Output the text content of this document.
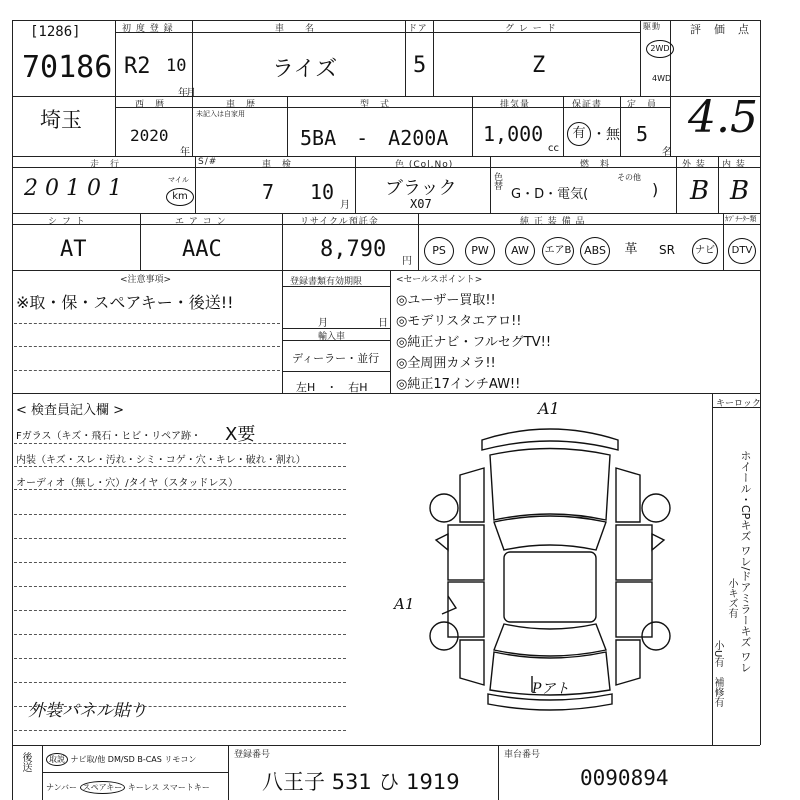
[1286]
70186
初 度 登 録
R2 10
年
月
車　　名
ライズ
ドア
5
グ レ ー ド
Z
駆動
2WD
4WD
評　価　点
4.5
埼玉
西　暦
2020
年
車　歴
未記入は自家用
型　式
5BA　-　A200A
排気量
1,000
cc
保証書
有 ・無
定　員
5
名
走　行	S/#
2 0 1 0 1	マイル
km
車　検
7 10
月
色 (Col.No)
ブラック
X07
色替
燃　料
G・D・電気(
その他
)
外 装
B
内 装
B
シ フ ト
AT
エ ア コ ン
AAC
リサイクル預託金
8,790 円
純 正 装 備 品	ｶﾌﾟﾁｰﾀｰ類
PS	PW	AW	エアB	ABS	革	SR	ナビ	DTV
<注意事項>
※取・保・スペアキー・後送!!
登録書類有効期限
月	日
輸入車
ディーラー・並行
左H　・　右H
<セールスポイント>
◎ユーザー買取!!
◎モデリスタエアロ!!
◎純正ナビ・フルセグTV!!
◎全周囲カメラ!!
◎純正17インチAW!!
< 検査員記入欄 >
Fガラス（キズ・飛石・ヒビ・リペア跡・ X要
内装（キズ・スレ・汚れ・シミ・コゲ・穴・キレ・破れ・割れ）
オーディオ（無し・穴）/タイヤ（スタッドレス）
外装パネル貼り
A1
A1
Pアト
キーロック
ホイール・CPキズ ワレ/ドアミラーキズ ワレ
小キズ有
小U有　補修有
後送	取説 ナビ取/他 DM/SD B-CAS リモコン
ナンバー スペアキー キーレス スマートキー
登録番号
八王子 531 ひ 1919
車台番号
0090894
